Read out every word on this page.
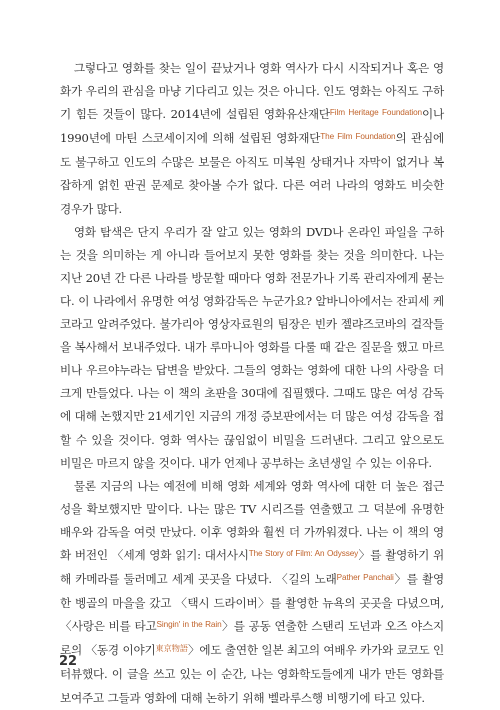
그렇다고 영화를 찾는 일이 끝났거나 영화 역사가 다시 시작되거나 혹은 영화가 우리의 관심을 마냥 기다리고 있는 것은 아니다. 인도 영화는 아직도 구하기 힘든 것들이 많다. 2014년에 설립된 영화유산재단$^{Film Heritage Foundation}$이나 1990년에 마틴 스코세이지에 의해 설립된 영화재단$^{The Film Foundation}$의 관심에도 불구하고 인도의 수많은 보물은 아직도 미복원 상태거나 자막이 없거나 복잡하게 얽힌 판권 문제로 찾아볼 수가 없다. 다른 여러 나라의 영화도 비슷한 경우가 많다.

영화 탐색은 단지 우리가 잘 알고 있는 영화의 DVD나 온라인 파일을 구하는 것을 의미하는 게 아니라 들어보지 못한 영화를 찾는 것을 의미한다. 나는 지난 20년 간 다른 나라를 방문할 때마다 영화 전문가나 기록 관리자에게 묻는다. 이 나라에서 유명한 여성 영화감독은 누군가요? 알바니아에서는 잔피세 케코라고 알려주었다. 불가리아 영상자료원의 팀장은 빈카 젤랴즈코바의 걸작들을 복사해서 보내주었다. 내가 루마니아 영화를 다룰 때 같은 질문을 했고 마르비나 우르야누라는 답변을 받았다. 그들의 영화는 영화에 대한 나의 사랑을 더 크게 만들었다. 나는 이 책의 초판을 30대에 집필했다. 그때도 많은 여성 감독에 대해 논했지만 21세기인 지금의 개정 증보판에서는 더 많은 여성 감독을 접할 수 있을 것이다. 영화 역사는 끊임없이 비밀을 드러낸다. 그리고 앞으로도 비밀은 마르지 않을 것이다. 내가 언제나 공부하는 초년생일 수 있는 이유다.

물론 지금의 나는 예전에 비해 영화 세계와 영화 역사에 대한 더 높은 접근성을 확보했지만 말이다. 나는 많은 TV 시리즈를 연출했고 그 덕분에 유명한 배우와 감독을 여럿 만났다. 이후 영화와 훨씬 더 가까워졌다. 나는 이 책의 영화 버전인 〈세계 영화 읽기: 대서사시$^{The Story of Film: An Odyssey}$〉를 촬영하기 위해 카메라를 둘러메고 세계 곳곳을 다녔다. 〈길의 노래$^{Pather Panchali}$〉를 촬영한 벵골의 마을을 갔고 〈택시 드라이버〉를 촬영한 뉴욕의 곳곳을 다녔으며, 〈사랑은 비를 타고$^{Singin' in the Rain}$〉를 공동 연출한 스탠리 도넌과 오즈 야스지로의 〈동경 이야기$^{東京物語}$〉에도 출연한 일본 최고의 여배우 카가와 쿄코도 인터뷰했다. 이 글을 쓰고 있는 이 순간, 나는 영화학도들에게 내가 만든 영화를 보여주고 그들과 영화에 대해 논하기 위해 벨라루스행 비행기에 타고 있다.

22
